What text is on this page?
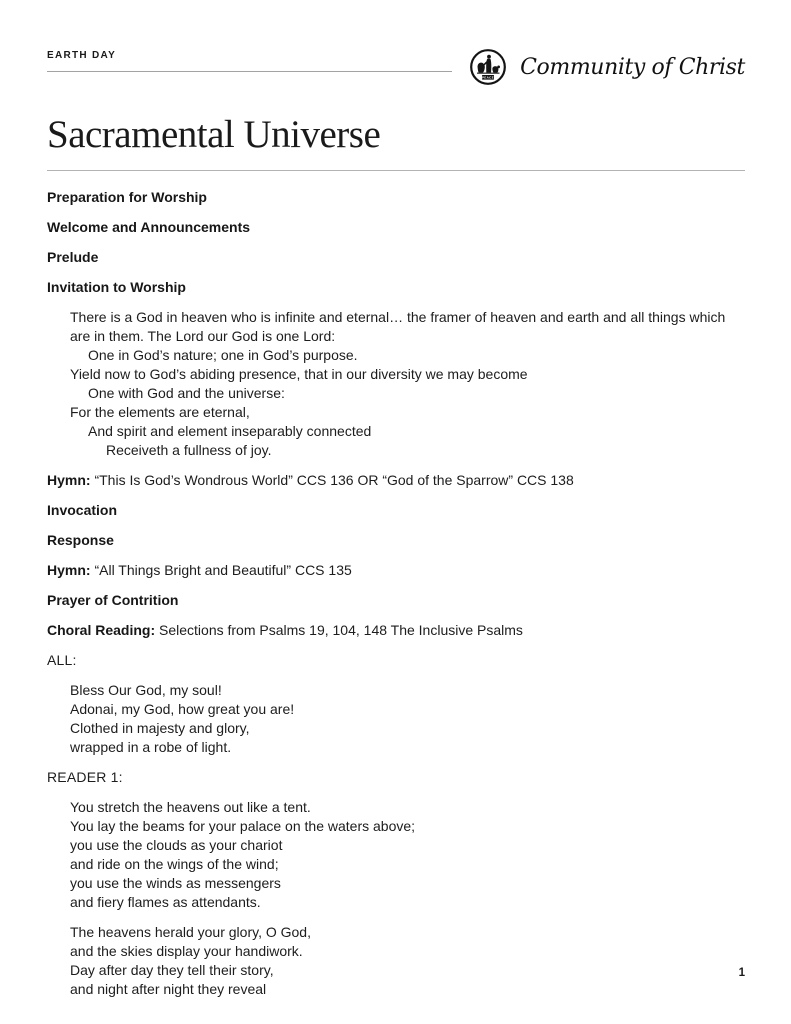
EARTH DAY
PEACE Community of Christ
Sacramental Universe

Preparation for Worship

Welcome and Announcements

Prelude

Invitation to Worship

There is a God in heaven who is infinite and eternal… the framer of heaven and earth and all things which are in them. The Lord our God is one Lord:

One in God’s nature; one in God’s purpose.

Yield now to God’s abiding presence, that in our diversity we may become

One with God and the universe:

For the elements are eternal,

And spirit and element inseparably connected

Receiveth a fullness of joy.

Hymn: “This Is God’s Wondrous World” CCS 136 OR “God of the Sparrow” CCS 138

Invocation

Response

Hymn: “All Things Bright and Beautiful” CCS 135

Prayer of Contrition

Choral Reading: Selections from Psalms 19, 104, 148 The Inclusive Psalms

ALL:

Bless Our God, my soul!

Adonai, my God, how great you are!

Clothed in majesty and glory,

wrapped in a robe of light.

READER 1:

You stretch the heavens out like a tent.

You lay the beams for your palace on the waters above;

you use the clouds as your chariot

and ride on the wings of the wind;

you use the winds as messengers

and fiery flames as attendants.

The heavens herald your glory, O God,

and the skies display your handiwork.

Day after day they tell their story,

and night after night they reveal

1
